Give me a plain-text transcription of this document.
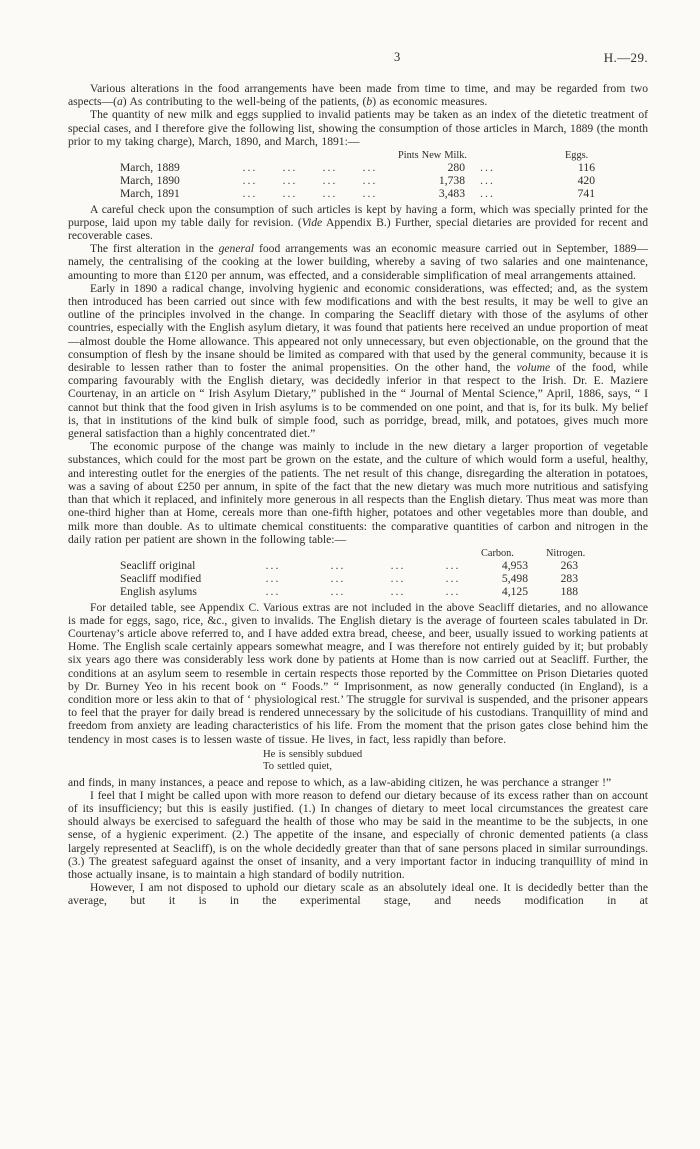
3	H.—29.

Various alterations in the food arrangements have been made from time to time, and may be regarded from two aspects—(a) As contributing to the well-being of the patients, (b) as economic measures.

The quantity of new milk and eggs supplied to invalid patients may be taken as an index of the dietetic treatment of special cases, and I therefore give the following list, showing the consumption of those articles in March, 1889 (the month prior to my taking charge), March, 1890, and March, 1891:—

Pints New Milk.	Eggs.
March, 1889	...	...	...	...	280	...	116
March, 1890	...	...	...	...	1,738	...	420
March, 1891	...	...	...	...	3,483	...	741

A careful check upon the consumption of such articles is kept by having a form, which was specially printed for the purpose, laid upon my table daily for revision. (Vide Appendix B.) Further, special dietaries are provided for recent and recoverable cases.

The first alteration in the general food arrangements was an economic measure carried out in September, 1889—namely, the centralising of the cooking at the lower building, whereby a saving of two salaries and one maintenance, amounting to more than £120 per annum, was effected, and a considerable simplification of meal arrangements attained.

Early in 1890 a radical change, involving hygienic and economic considerations, was effected; and, as the system then introduced has been carried out since with few modifications and with the best results, it may be well to give an outline of the principles involved in the change. In comparing the Seacliff dietary with those of the asylums of other countries, especially with the English asylum dietary, it was found that patients here received an undue proportion of meat—almost double the Home allowance. This appeared not only unnecessary, but even objectionable, on the ground that the consumption of flesh by the insane should be limited as compared with that used by the general community, because it is desirable to lessen rather than to foster the animal propensities. On the other hand, the volume of the food, while comparing favourably with the English dietary, was decidedly inferior in that respect to the Irish. Dr. E. Maziere Courtenay, in an article on “ Irish Asylum Dietary,” published in the “ Journal of Mental Science,” April, 1886, says, “ I cannot but think that the food given in Irish asylums is to be commended on one point, and that is, for its bulk. My belief is, that in institutions of the kind bulk of simple food, such as porridge, bread, milk, and potatoes, gives much more general satisfaction than a highly concentrated diet.”

The economic purpose of the change was mainly to include in the new dietary a larger proportion of vegetable substances, which could for the most part be grown on the estate, and the culture of which would form a useful, healthy, and interesting outlet for the energies of the patients. The net result of this change, disregarding the alteration in potatoes, was a saving of about £250 per annum, in spite of the fact that the new dietary was much more nutritious and satisfying than that which it replaced, and infinitely more generous in all respects than the English dietary. Thus meat was more than one-third higher than at Home, cereals more than one-fifth higher, potatoes and other vegetables more than double, and milk more than double. As to ultimate chemical constituents: the comparative quantities of carbon and nitrogen in the daily ration per patient are shown in the following table:—

Carbon.	Nitrogen.
Seacliff original	...	...	...	...	4,953	263
Seacliff modified	...	...	...	...	5,498	283
English asylums	...	...	...	...	4,125	188

For detailed table, see Appendix C. Various extras are not included in the above Seacliff dietaries, and no allowance is made for eggs, sago, rice, &c., given to invalids. The English dietary is the average of fourteen scales tabulated in Dr. Courtenay’s article above referred to, and I have added extra bread, cheese, and beer, usually issued to working patients at Home. The English scale certainly appears somewhat meagre, and I was therefore not entirely guided by it; but probably six years ago there was considerably less work done by patients at Home than is now carried out at Seacliff. Further, the conditions at an asylum seem to resemble in certain respects those reported by the Committee on Prison Dietaries quoted by Dr. Burney Yeo in his recent book on “ Foods.” “ Imprisonment, as now generally conducted (in England), is a condition more or less akin to that of ‘ physiological rest.’ The struggle for survival is suspended, and the prisoner appears to feel that the prayer for daily bread is rendered unnecessary by the solicitude of his custodians. Tranquillity of mind and freedom from anxiety are leading characteristics of his life. From the moment that the prison gates close behind him the tendency in most cases is to lessen waste of tissue. He lives, in fact, less rapidly than before.

He is sensibly subdued
To settled quiet,

and finds, in many instances, a peace and repose to which, as a law-abiding citizen, he was perchance a stranger !”

I feel that I might be called upon with more reason to defend our dietary because of its excess rather than on account of its insufficiency; but this is easily justified. (1.) In changes of dietary to meet local circumstances the greatest care should always be exercised to safeguard the health of those who may be said in the meantime to be the subjects, in one sense, of a hygienic experiment. (2.) The appetite of the insane, and especially of chronic demented patients (a class largely represented at Seacliff), is on the whole decidedly greater than that of sane persons placed in similar surroundings. (3.) The greatest safeguard against the onset of insanity, and a very important factor in inducing tranquillity of mind in those actually insane, is to maintain a high standard of bodily nutrition.

However, I am not disposed to uphold our dietary scale as an absolutely ideal one. It is decidedly better than the average, but it is in the experimental stage, and needs modification in at
